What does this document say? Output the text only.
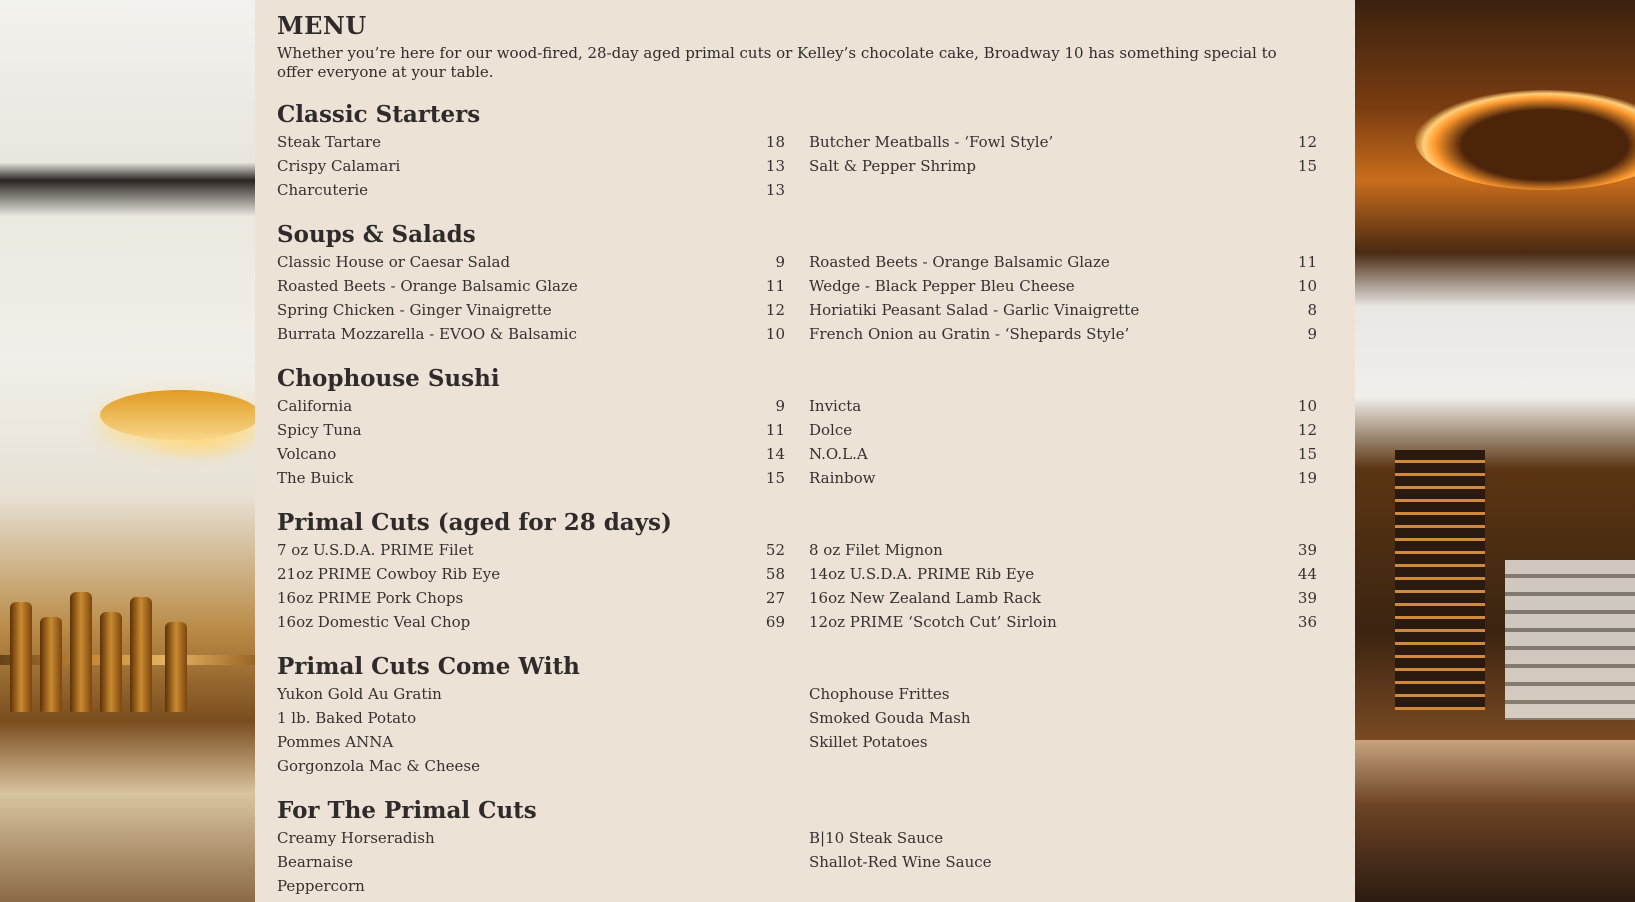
MENU

Whether you’re here for our wood-fired, 28-day aged primal cuts or Kelley’s chocolate cake, Broadway 10 has something special to offer everyone at your table.

Classic Starters
Steak Tartare	18
Crispy Calamari	13
Charcuterie	13
Butcher Meatballs - ‘Fowl Style’	12
Salt & Pepper Shrimp	15
Soups & Salads
Classic House or Caesar Salad	9
Roasted Beets - Orange Balsamic Glaze	11
Spring Chicken - Ginger Vinaigrette	12
Burrata Mozzarella - EVOO & Balsamic	10
Roasted Beets - Orange Balsamic Glaze	11
Wedge - Black Pepper Bleu Cheese	10
Horiatiki Peasant Salad - Garlic Vinaigrette	8
French Onion au Gratin - ‘Shepards Style’	9
Chophouse Sushi
California	9
Spicy Tuna	11
Volcano	14
The Buick	15
Invicta	10
Dolce	12
N.O.L.A	15
Rainbow	19
Primal Cuts (aged for 28 days)
7 oz U.S.D.A. PRIME Filet	52
21oz PRIME Cowboy Rib Eye	58
16oz PRIME Pork Chops	27
16oz Domestic Veal Chop	69
8 oz Filet Mignon	39
14oz U.S.D.A. PRIME Rib Eye	44
16oz New Zealand Lamb Rack	39
12oz PRIME ‘Scotch Cut’ Sirloin	36
Primal Cuts Come With
Yukon Gold Au Gratin
1 lb. Baked Potato
Pommes ANNA
Gorgonzola Mac & Cheese
Chophouse Frittes
Smoked Gouda Mash
Skillet Potatoes
For The Primal Cuts
Creamy Horseradish
Bearnaise
Peppercorn
B|10 Steak Sauce
Shallot-Red Wine Sauce
